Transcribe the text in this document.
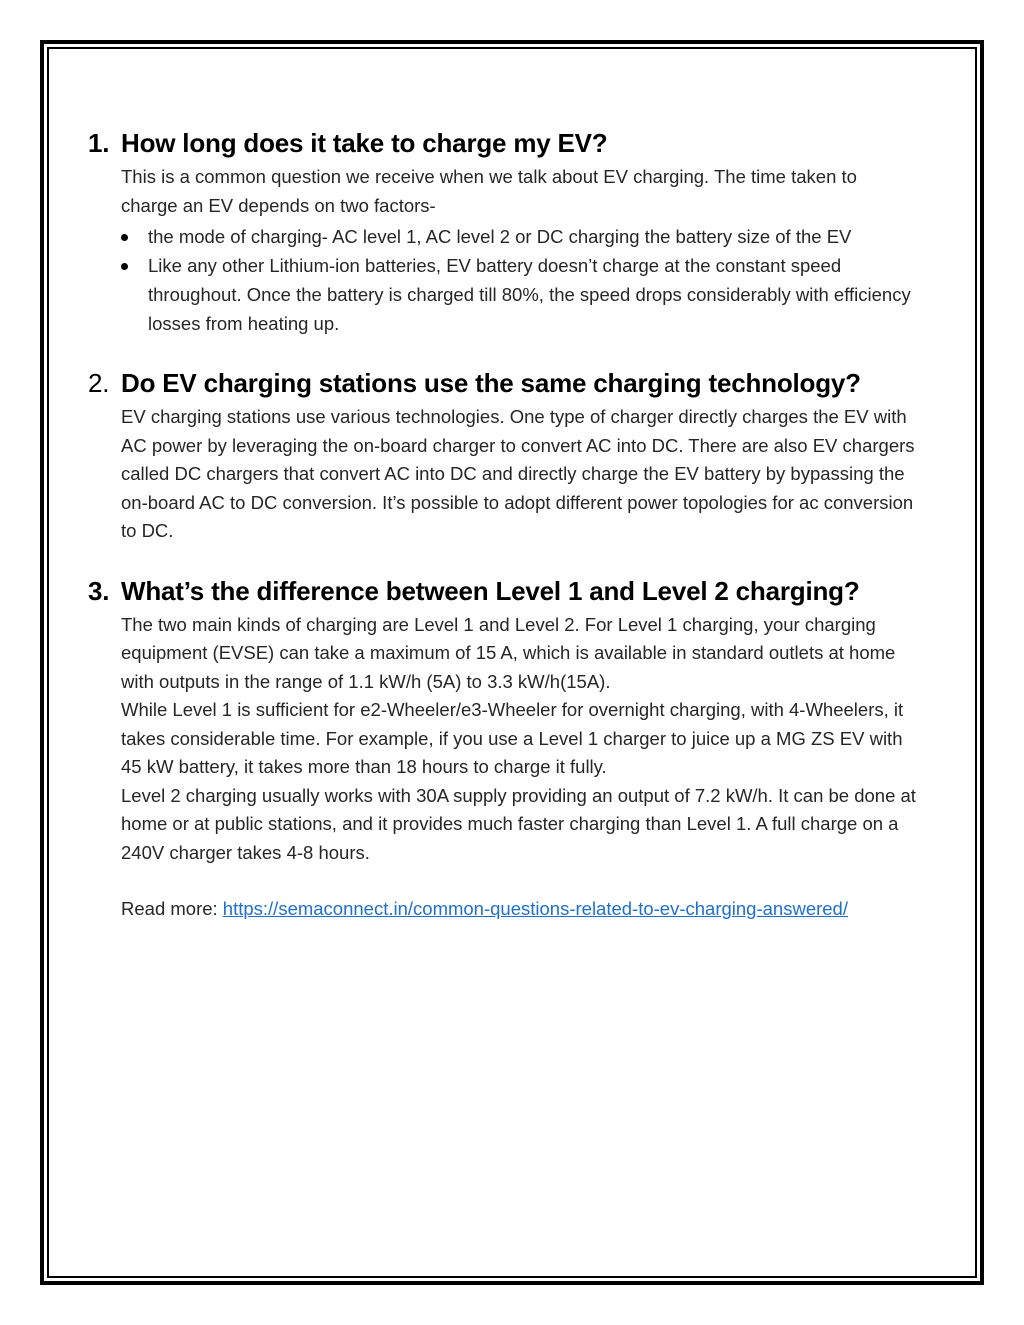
1. How long does it take to charge my EV?

This is a common question we receive when we talk about EV charging. The time taken to charge an EV depends on two factors-

the mode of charging- AC level 1, AC level 2 or DC charging the battery size of the EV
Like any other Lithium-ion batteries, EV battery doesn’t charge at the constant speed throughout. Once the battery is charged till 80%, the speed drops considerably with efficiency losses from heating up.
2. Do EV charging stations use the same charging technology?

EV charging stations use various technologies. One type of charger directly charges the EV with AC power by leveraging the on-board charger to convert AC into DC. There are also EV chargers called DC chargers that convert AC into DC and directly charge the EV battery by bypassing the on-board AC to DC conversion. It’s possible to adopt different power topologies for ac conversion to DC.

3. What’s the difference between Level 1 and Level 2 charging?

The two main kinds of charging are Level 1 and Level 2. For Level 1 charging, your charging equipment (EVSE) can take a maximum of 15 A, which is available in standard outlets at home with outputs in the range of 1.1 kW/h (5A) to 3.3 kW/h(15A).

While Level 1 is sufficient for e2-Wheeler/e3-Wheeler for overnight charging, with 4-Wheelers, it takes considerable time. For example, if you use a Level 1 charger to juice up a MG ZS EV with 45 kW battery, it takes more than 18 hours to charge it fully.

Level 2 charging usually works with 30A supply providing an output of 7.2 kW/h. It can be done at home or at public stations, and it provides much faster charging than Level 1. A full charge on a 240V charger takes 4-8 hours.

Read more: https://semaconnect.in/common-questions-related-to-ev-charging-answered/
